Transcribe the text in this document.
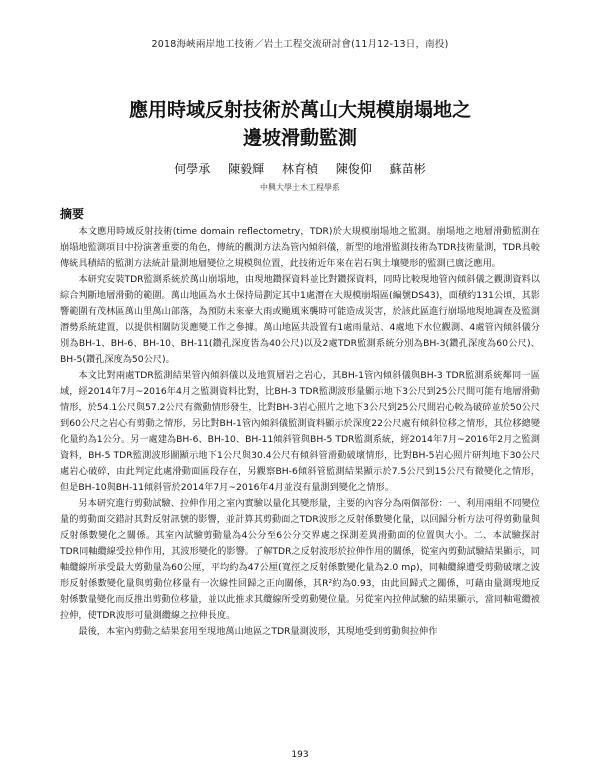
2018海峽兩岸地工技術／岩土工程交流研討會(11月12-13日，南投)
應用時域反射技術於萬山大規模崩塌地之
邊坡滑動監測
何學承 陳毅輝 林育楨 陳俊仰 蘇苗彬
中興大學土木工程學系
摘要

本文應用時域反射技術(time domain reflectometry，TDR)於大規模崩塌地之監測。崩塌地之地層滑動監測在崩塌地監測項目中扮演著重要的角色，傳統的觀測方法為管內傾斜儀，新型的地滑監測技術為TDR技術量測，TDR具較傳統具積結的監測方法統計量測地層變位之規模與位置，此技術近年來在岩石與土壤變形的監測已廣泛應用。

本研究安裝TDR監測系統於萬山崩塌地，由現地鑽探資料並比對鑽探資料，同時比較現地管內傾斜儀之觀測資料以綜合判斷地層滑動的範圍。萬山地區為水土保持局劃定其中1處潛在大規模崩塌區(編號DS43)，面積約131公頃，其影響範圍有茂林區萬山里萬山部落，為預防未來豪大雨或颱風來襲時可能造成災害，於該此區進行崩塌地現地調查及監測潛勢系統建置，以提供相關防災應變工作之參據。萬山地區共設置有1處雨量站、4處地下水位觀測、4處管內傾斜儀分別為BH-1、BH-6、BH-10、BH-11(鑽孔深度皆為40公尺)以及2處TDR監測系統分別為BH-3(鑽孔深度為60公尺)、BH-5(鑽孔深度為50公尺)。

本文比對兩處TDR監測結果管內傾斜儀以及地質層岩之岩心，其BH-1管內傾斜儀與BH-3 TDR監測系統鄰同一區域，經2014年7月~2016年4月之監測資料比對，比BH-3 TDR監測波形量顯示地下3公尺到25公尺間可能有地層滑動情形，於54.1公尺與57.2公尺有微動情形發生，比對BH-3岩心照片之地下3公尺到25公尺間岩心較為破碎並於50公尺到60公尺之岩心有剪動之情形，另比對BH-1管內傾斜儀監測資料顯示於深度22公尺處有傾斜位移之情形，其位移總變化量約為1公分。另一處建為BH-6、BH-10、BH-11傾斜管與BH-5 TDR監測系統，經2014年7月~2016年2月之監測資料，BH-5 TDR監測波形圖顯示地下1公尺與30.4公尺有傾斜管滑動破壞情形，比對BH-5岩心照片研判地下30公尺處岩心破碎，由此判定此處滑動面區段存在，另觀察BH-6傾斜管監測結果顯示於7.5公尺到15公尺有微變化之情形，但是BH-10與BH-11傾斜管於2014年7月~2016年4月並沒有量測到變化之情形。

另本研究進行剪動試驗、拉伸作用之室內實驗以量化其變形量，主要的內容分為兩個部份：一、利用兩組不同變位量的剪動面交錯討其對反射訊號的影響，並計算其剪動面之TDR波形之反射係數變化量，以回歸分析方法可得剪動量與反射係數變化之關係。其室內試驗剪動量為4公分至6公分交界處之探測差異滑動面的位置與大小。二、本試驗探討TDR同軸纜線受拉伸作用，其波形變化的影響。了解TDR之反射波形於拉伸作用的關係，從室內剪動試驗結果顯示，同軸纜線所承受最大剪動量為60公厘，平均約為47公厘(寬徑之反射係數變化量為2.0 mρ)，同軸纜線遭受剪動破壞之波形反射係數變化量與剪動位移量有一次線性回歸之正向關係，其R²約為0.93，由此回歸式之關係，可藉由量測現地反射係數量變化而反推出剪動位移量，並以此推求其纜線所受剪動變位量。另從室內拉伸試驗的結果顯示，當同軸電纜被拉伸，使TDR波形可量測纜線之拉伸長度。

最後，本室內剪動之結果套用至現地萬山地區之TDR量測波形，其現地受到剪動與拉伸作

193
